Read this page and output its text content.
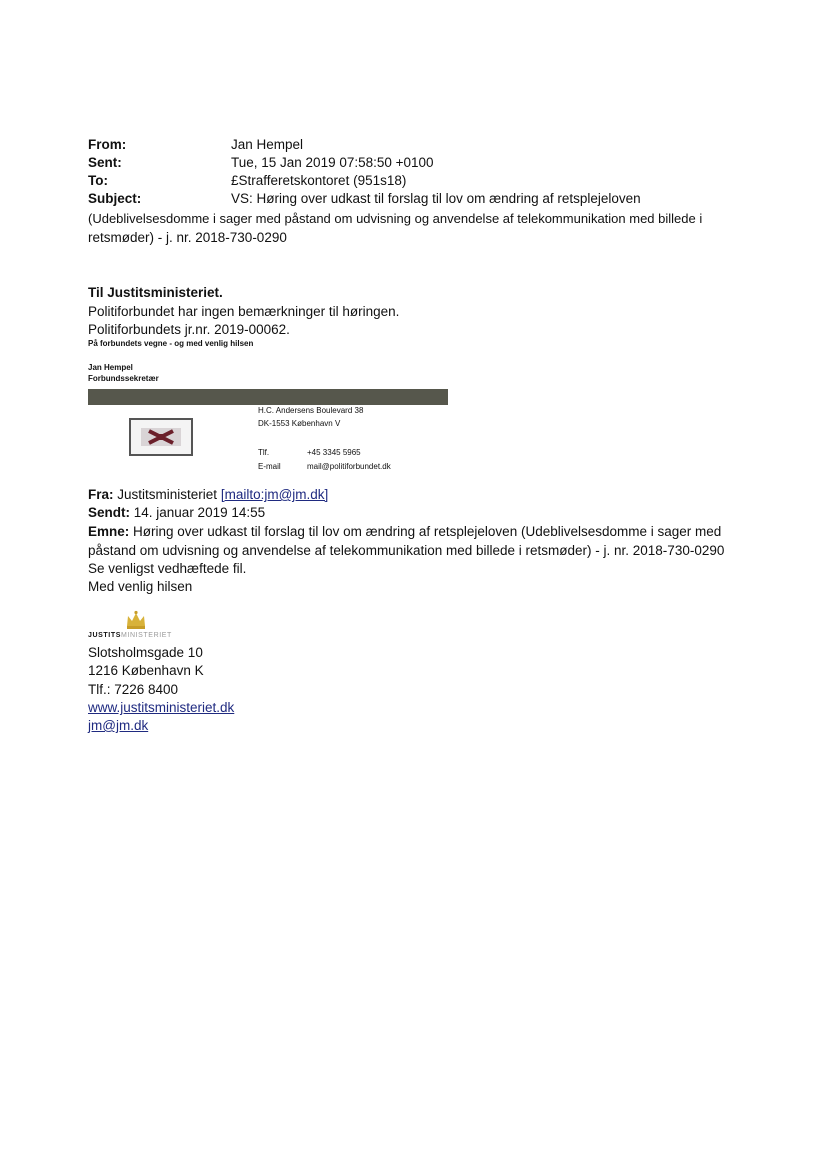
From:	Jan Hempel
Sent:	Tue, 15 Jan 2019 07:58:50 +0100
To:	£Strafferetskontoret (951s18)
Subject:	VS: Høring over udkast til forslag til lov om ændring af retsplejeloven
(Udeblivelsesdomme i sager med påstand om udvisning og anvendelse af telekommunikation med billede i
retsmøder) - j. nr. 2018-730-0290
Til Justitsministeriet.
Politiforbundet har ingen bemærkninger til høringen.
Politiforbundets jr.nr. 2019-00062.
På forbundets vegne - og med venlig hilsen
Jan Hempel
Forbundssekretær
H.C. Andersens Boulevard 38
DK-1553 København V
Tlf.	+45 3345 5965
E-mail	mail@politiforbundet.dk
Fra: Justitsministeriet [mailto:jm@jm.dk]
Sendt: 14. januar 2019 14:55
Emne: Høring over udkast til forslag til lov om ændring af retsplejeloven (Udeblivelsesdomme i sager med
påstand om udvisning og anvendelse af telekommunikation med billede i retsmøder) - j. nr. 2018-730-0290
Se venligst vedhæftede fil.
Med venlig hilsen
JUSTITSMINISTERIET
Slotsholmsgade 10
1216 København K
Tlf.: 7226 8400
www.justitsministeriet.dk
jm@jm.dk
